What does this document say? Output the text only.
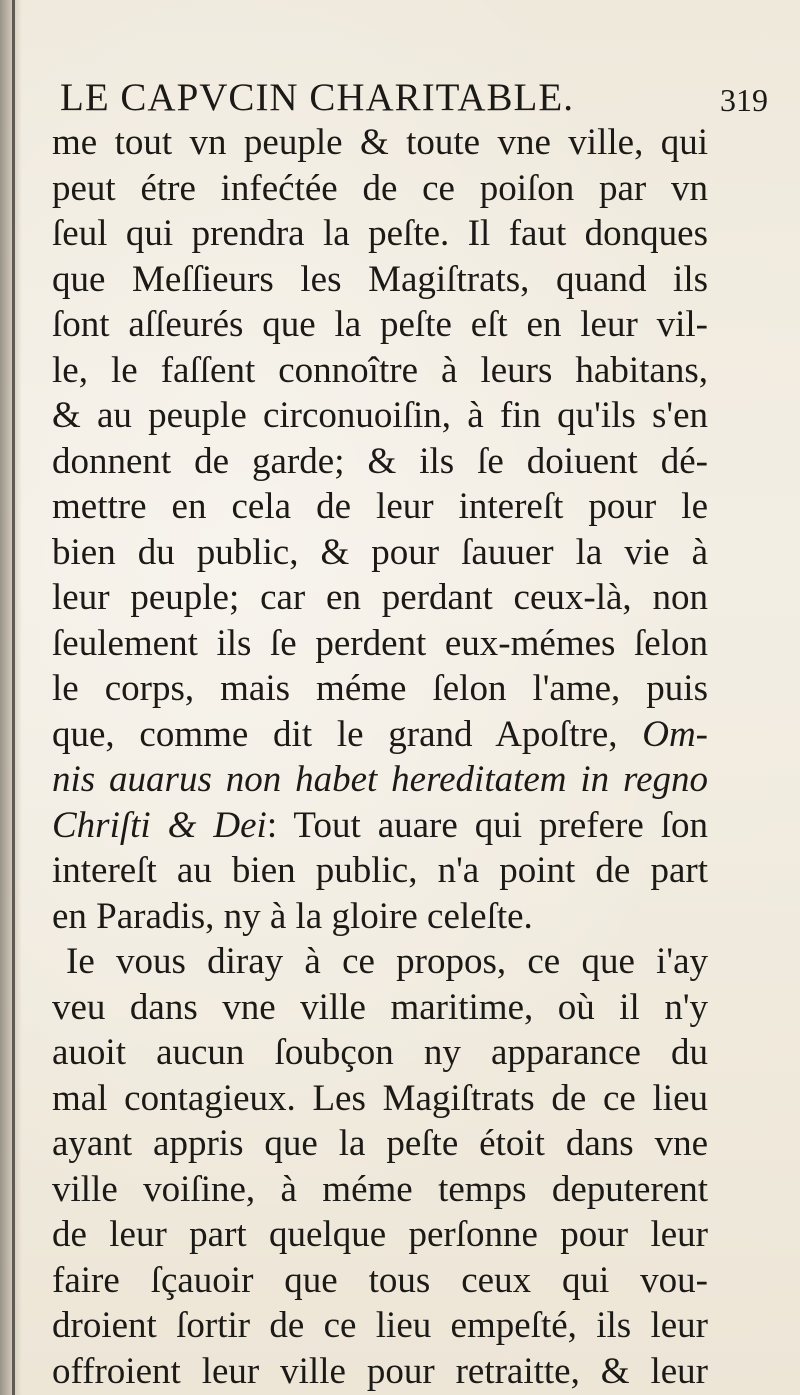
LE CAPVCIN CHARITABLE.	319
me tout vn peuple & toute vne ville, qui
peut étre infećtée de ce poiſon par vn
ſeul qui prendra la peſte. Il faut donques
que Meſſieurs les Magiſtrats, quand ils
ſont aſſeurés que la peſte eſt en leur vil-
le, le faſſent connoître à leurs habitans,
& au peuple circonuoiſin, à fin qu'ils s'en
donnent de garde; & ils ſe doiuent dé-
mettre en cela de leur intereſt pour le
bien du public, & pour ſauuer la vie à
leur peuple; car en perdant ceux-là, non
ſeulement ils ſe perdent eux-mémes ſelon
le corps, mais méme ſelon l'ame, puis
que, comme dit le grand Apoſtre, Om-
nis auarus non habet hereditatem in regno
Chriſti & Dei: Tout auare qui prefere ſon
intereſt au bien public, n'a point de part
en Paradis, ny à la gloire celeſte.
Ie vous diray à ce propos, ce que i'ay
veu dans vne ville maritime, où il n'y
auoit aucun ſoubçon ny apparance du
mal contagieux. Les Magiſtrats de ce lieu
ayant appris que la peſte étoit dans vne
ville voiſine, à méme temps deputerent
de leur part quelque perſonne pour leur
faire ſçauoir que tous ceux qui vou-
droient ſortir de ce lieu empeſté, ils leur
offroient leur ville pour retraitte, & leur
